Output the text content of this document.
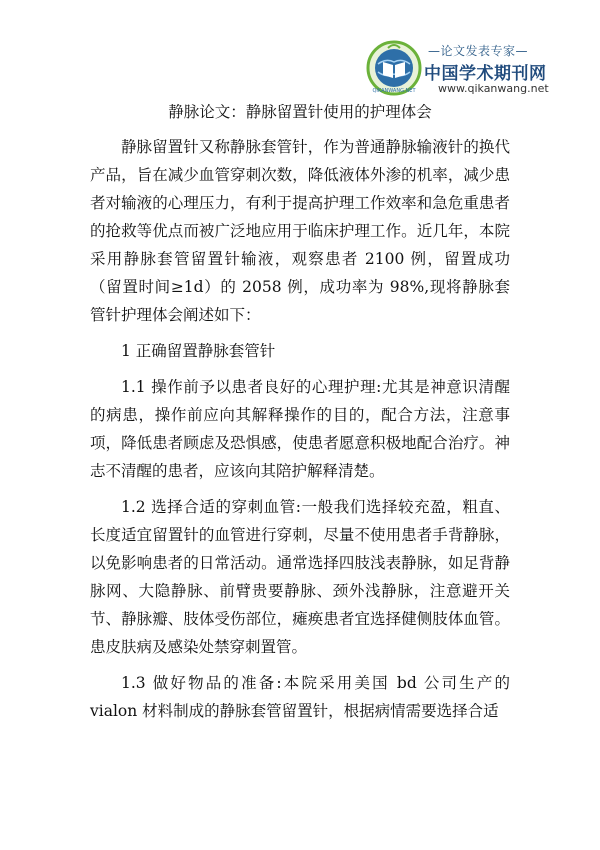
QIKANWANG.NET
—论文发表专家—
中国学术期刊网
www.qikanwang.net
静脉论文：静脉留置针使用的护理体会

静脉留置针又称静脉套管针，作为普通静脉输液针的换代产品，旨在减少血管穿刺次数，降低液体外渗的机率，减少患者对输液的心理压力，有利于提高护理工作效率和急危重患者的抢救等优点而被广泛地应用于临床护理工作。近几年，本院采用静脉套管留置针输液，观察患者 2100 例，留置成功（留置时间≥1d）的 2058 例，成功率为 98%,现将静脉套管针护理体会阐述如下：

1 正确留置静脉套管针

1.1 操作前予以患者良好的心理护理:尤其是神意识清醒的病患，操作前应向其解释操作的目的，配合方法，注意事项，降低患者顾虑及恐惧感，使患者愿意积极地配合治疗。神志不清醒的患者，应该向其陪护解释清楚。

1.2 选择合适的穿刺血管:一般我们选择较充盈，粗直、长度适宜留置针的血管进行穿刺，尽量不使用患者手背静脉，以免影响患者的日常活动。通常选择四肢浅表静脉，如足背静脉网、大隐静脉、前臂贵要静脉、颈外浅静脉，注意避开关节、静脉瓣、肢体受伤部位，瘫痪患者宜选择健侧肢体血管。患皮肤病及感染处禁穿刺置管。

1.3 做好物品的准备:本院采用美国 bd 公司生产的 vialon 材料制成的静脉套管留置针，根据病情需要选择合适
